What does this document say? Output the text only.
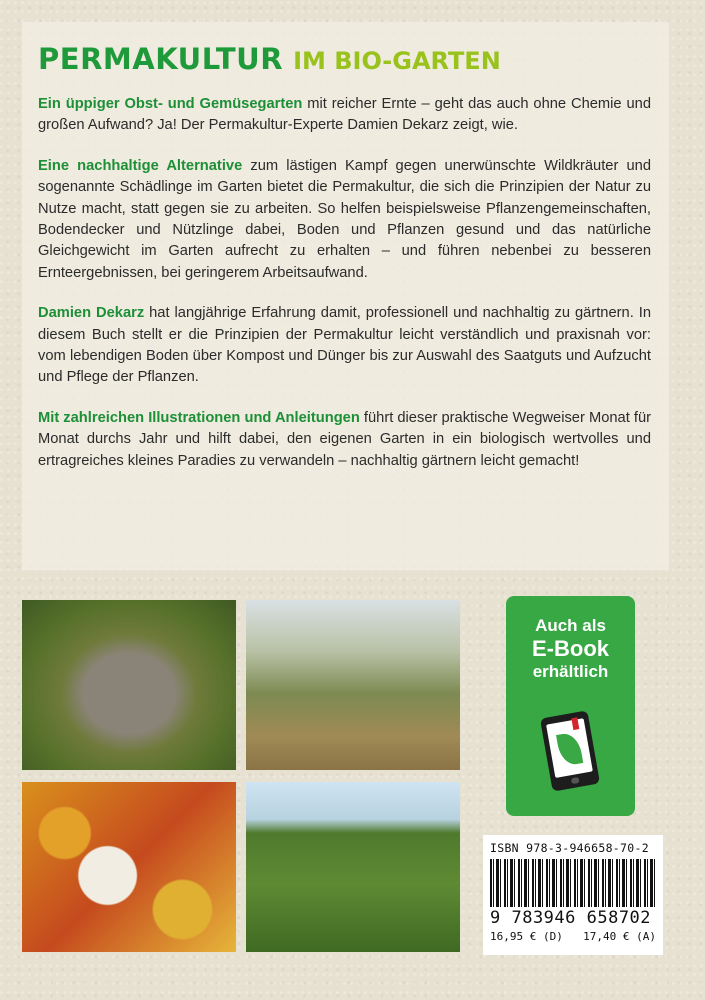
PERMAKULTUR IM BIO-GARTEN

Ein üppiger Obst- und Gemüsegarten mit reicher Ernte – geht das auch ohne Chemie und großen Aufwand? Ja! Der Permakultur-Experte Damien Dekarz zeigt, wie.

Eine nachhaltige Alternative zum lästigen Kampf gegen unerwünschte Wildkräuter und sogenannte Schädlinge im Garten bietet die Permakultur, die sich die Prinzipien der Natur zu Nutze macht, statt gegen sie zu arbeiten. So helfen beispielsweise Pflanzengemeinschaften, Bodendecker und Nützlinge dabei, Boden und Pflanzen gesund und das natürliche Gleichgewicht im Garten aufrecht zu erhalten – und führen nebenbei zu besseren Ernteergebnissen, bei geringerem Arbeitsaufwand.

Damien Dekarz hat langjährige Erfahrung damit, professionell und nachhaltig zu gärtnern. In diesem Buch stellt er die Prinzipien der Permakultur leicht verständlich und praxisnah vor: vom lebendigen Boden über Kompost und Dünger bis zur Auswahl des Saatguts und Aufzucht und Pflege der Pflanzen.

Mit zahlreichen Illustrationen und Anleitungen führt dieser praktische Wegweiser Monat für Monat durchs Jahr und hilft dabei, den eigenen Garten in ein biologisch wertvolles und ertragreiches kleines Paradies zu verwandeln – nachhaltig gärtnern leicht gemacht!

Auch als
E-Book
erhältlich
ISBN 978-3-946658-70-2
9 783946 658702
16,95 € (D) 17,40 € (A)
